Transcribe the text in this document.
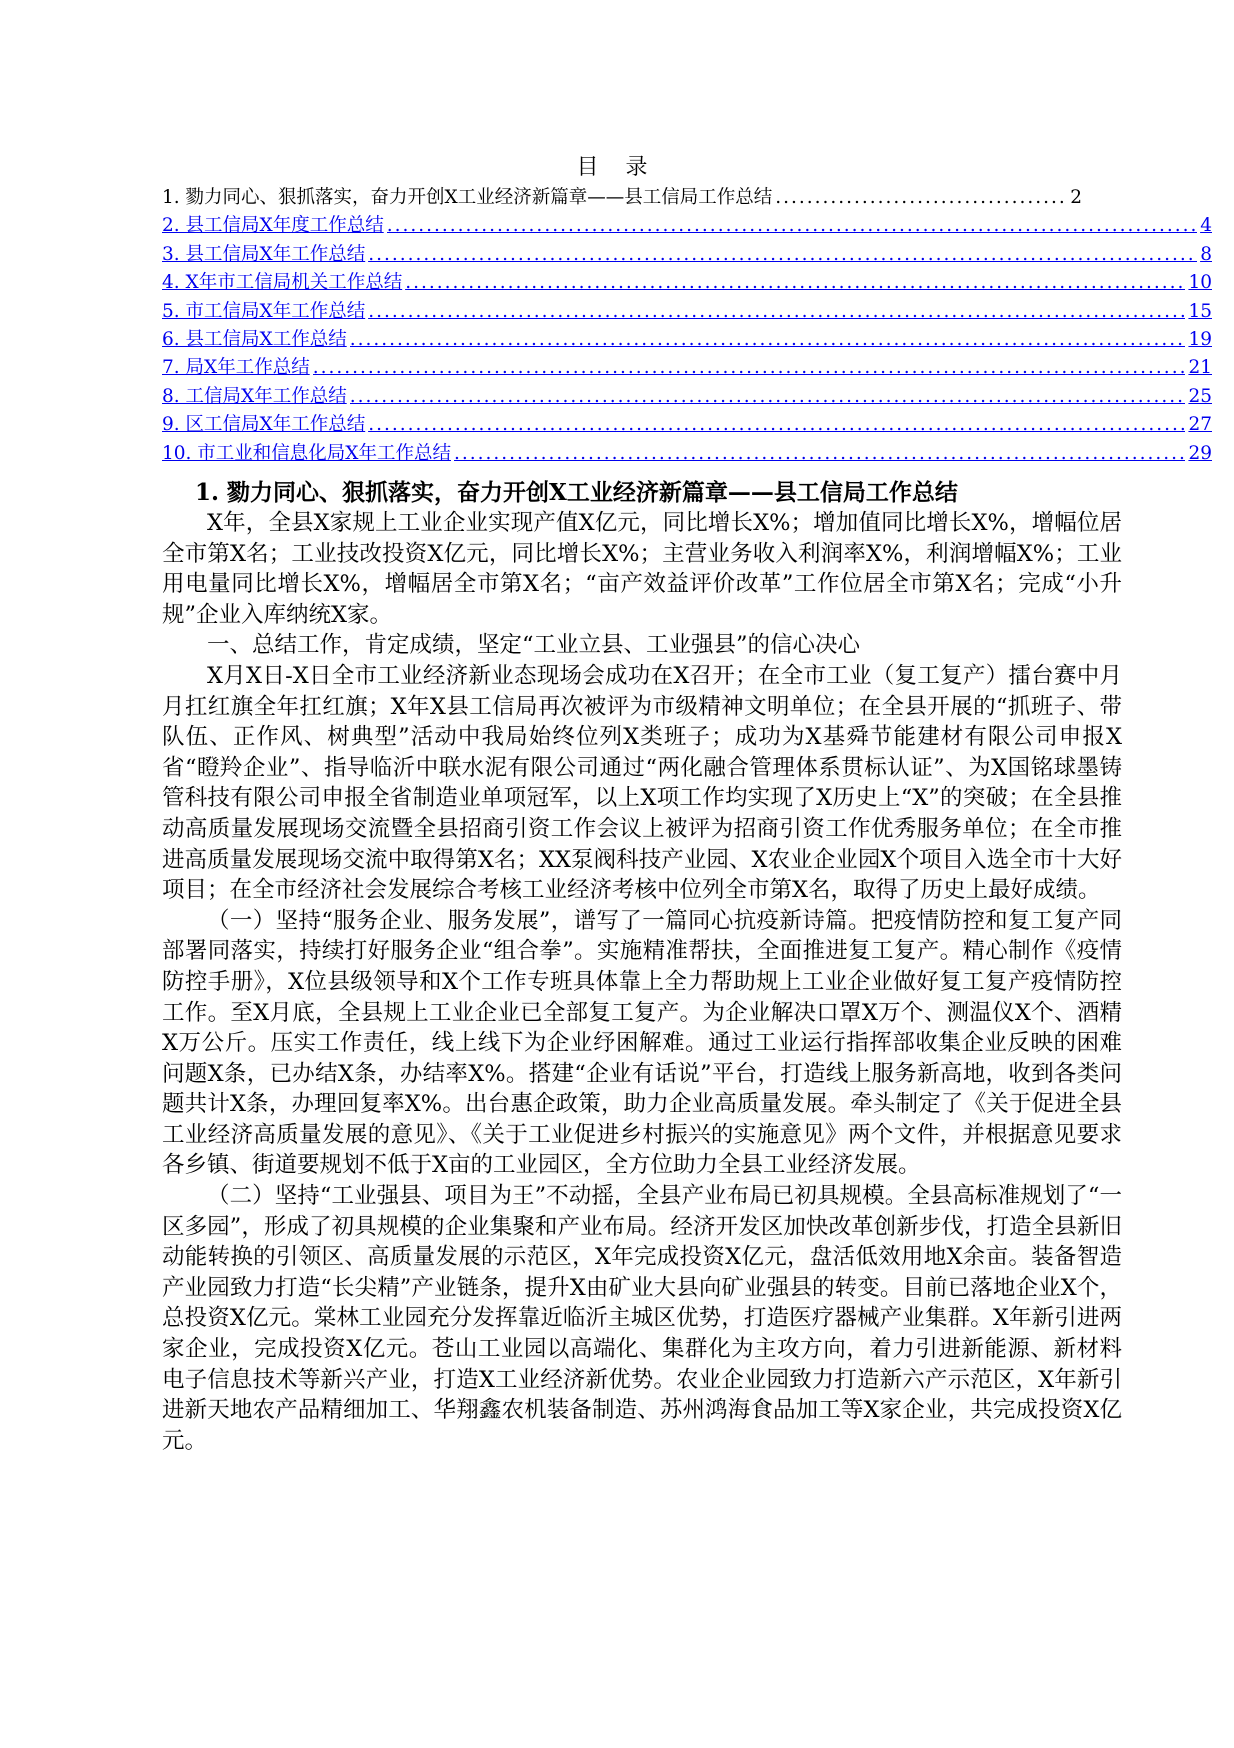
目 录
1. 勠力同心、狠抓落实，奋力开创X工业经济新篇章——县工信局工作总结 .....	2
2. 县工信局X年度工作总结 .....	4
3. 县工信局X年工作总结 .....	8
4. X年市工信局机关工作总结 .....	10
5. 市工信局X年工作总结 .....	15
6. 县工信局X工作总结 .....	19
7. 局X年工作总结 .....	21
8. 工信局X年工作总结 .....	25
9. 区工信局X年工作总结 .....	27
10. 市工业和信息化局X年工作总结 .....	29
1. 勠力同心、狠抓落实，奋力开创X工业经济新篇章——县工信局工作总结

X年，全县X家规上工业企业实现产值X亿元，同比增长X%；增加值同比增长X%，增幅位居全市第X名；工业技改投资X亿元，同比增长X%；主营业务收入利润率X%，利润增幅X%；工业用电量同比增长X%，增幅居全市第X名；“亩产效益评价改革”工作位居全市第X名；完成“小升规”企业入库纳统X家。

一、总结工作，肯定成绩，坚定“工业立县、工业强县”的信心决心

X月X日-X日全市工业经济新业态现场会成功在X召开；在全市工业（复工复产）擂台赛中月月扛红旗全年扛红旗；X年X县工信局再次被评为市级精神文明单位；在全县开展的“抓班子、带队伍、正作风、树典型”活动中我局始终位列X类班子；成功为X基舜节能建材有限公司申报X省“瞪羚企业”、指导临沂中联水泥有限公司通过“两化融合管理体系贯标认证”、为X国铭球墨铸管科技有限公司申报全省制造业单项冠军，以上X项工作均实现了X历史上“X”的突破；在全县推动高质量发展现场交流暨全县招商引资工作会议上被评为招商引资工作优秀服务单位；在全市推进高质量发展现场交流中取得第X名；XX泵阀科技产业园、X农业企业园X个项目入选全市十大好项目；在全市经济社会发展综合考核工业经济考核中位列全市第X名，取得了历史上最好成绩。

（一）坚持“服务企业、服务发展”，谱写了一篇同心抗疫新诗篇。把疫情防控和复工复产同部署同落实，持续打好服务企业“组合拳”。实施精准帮扶，全面推进复工复产。精心制作《疫情防控手册》，X位县级领导和X个工作专班具体靠上全力帮助规上工业企业做好复工复产疫情防控工作。至X月底，全县规上工业企业已全部复工复产。为企业解决口罩X万个、测温仪X个、酒精X万公斤。压实工作责任，线上线下为企业纾困解难。通过工业运行指挥部收集企业反映的困难问题X条，已办结X条，办结率X%。搭建“企业有话说”平台，打造线上服务新高地，收到各类问题共计X条，办理回复率X%。出台惠企政策，助力企业高质量发展。牵头制定了《关于促进全县工业经济高质量发展的意见》、《关于工业促进乡村振兴的实施意见》两个文件，并根据意见要求各乡镇、街道要规划不低于X亩的工业园区，全方位助力全县工业经济发展。

（二）坚持“工业强县、项目为王”不动摇，全县产业布局已初具规模。全县高标准规划了“一区多园”，形成了初具规模的企业集聚和产业布局。经济开发区加快改革创新步伐，打造全县新旧动能转换的引领区、高质量发展的示范区，X年完成投资X亿元，盘活低效用地X余亩。装备智造产业园致力打造“长尖精”产业链条，提升X由矿业大县向矿业强县的转变。目前已落地企业X个，总投资X亿元。棠林工业园充分发挥靠近临沂主城区优势，打造医疗器械产业集群。X年新引进两家企业，完成投资X亿元。苍山工业园以高端化、集群化为主攻方向，着力引进新能源、新材料电子信息技术等新兴产业，打造X工业经济新优势。农业企业园致力打造新六产示范区，X年新引进新天地农产品精细加工、华翔鑫农机装备制造、苏州鸿海食品加工等X家企业，共完成投资X亿元。
